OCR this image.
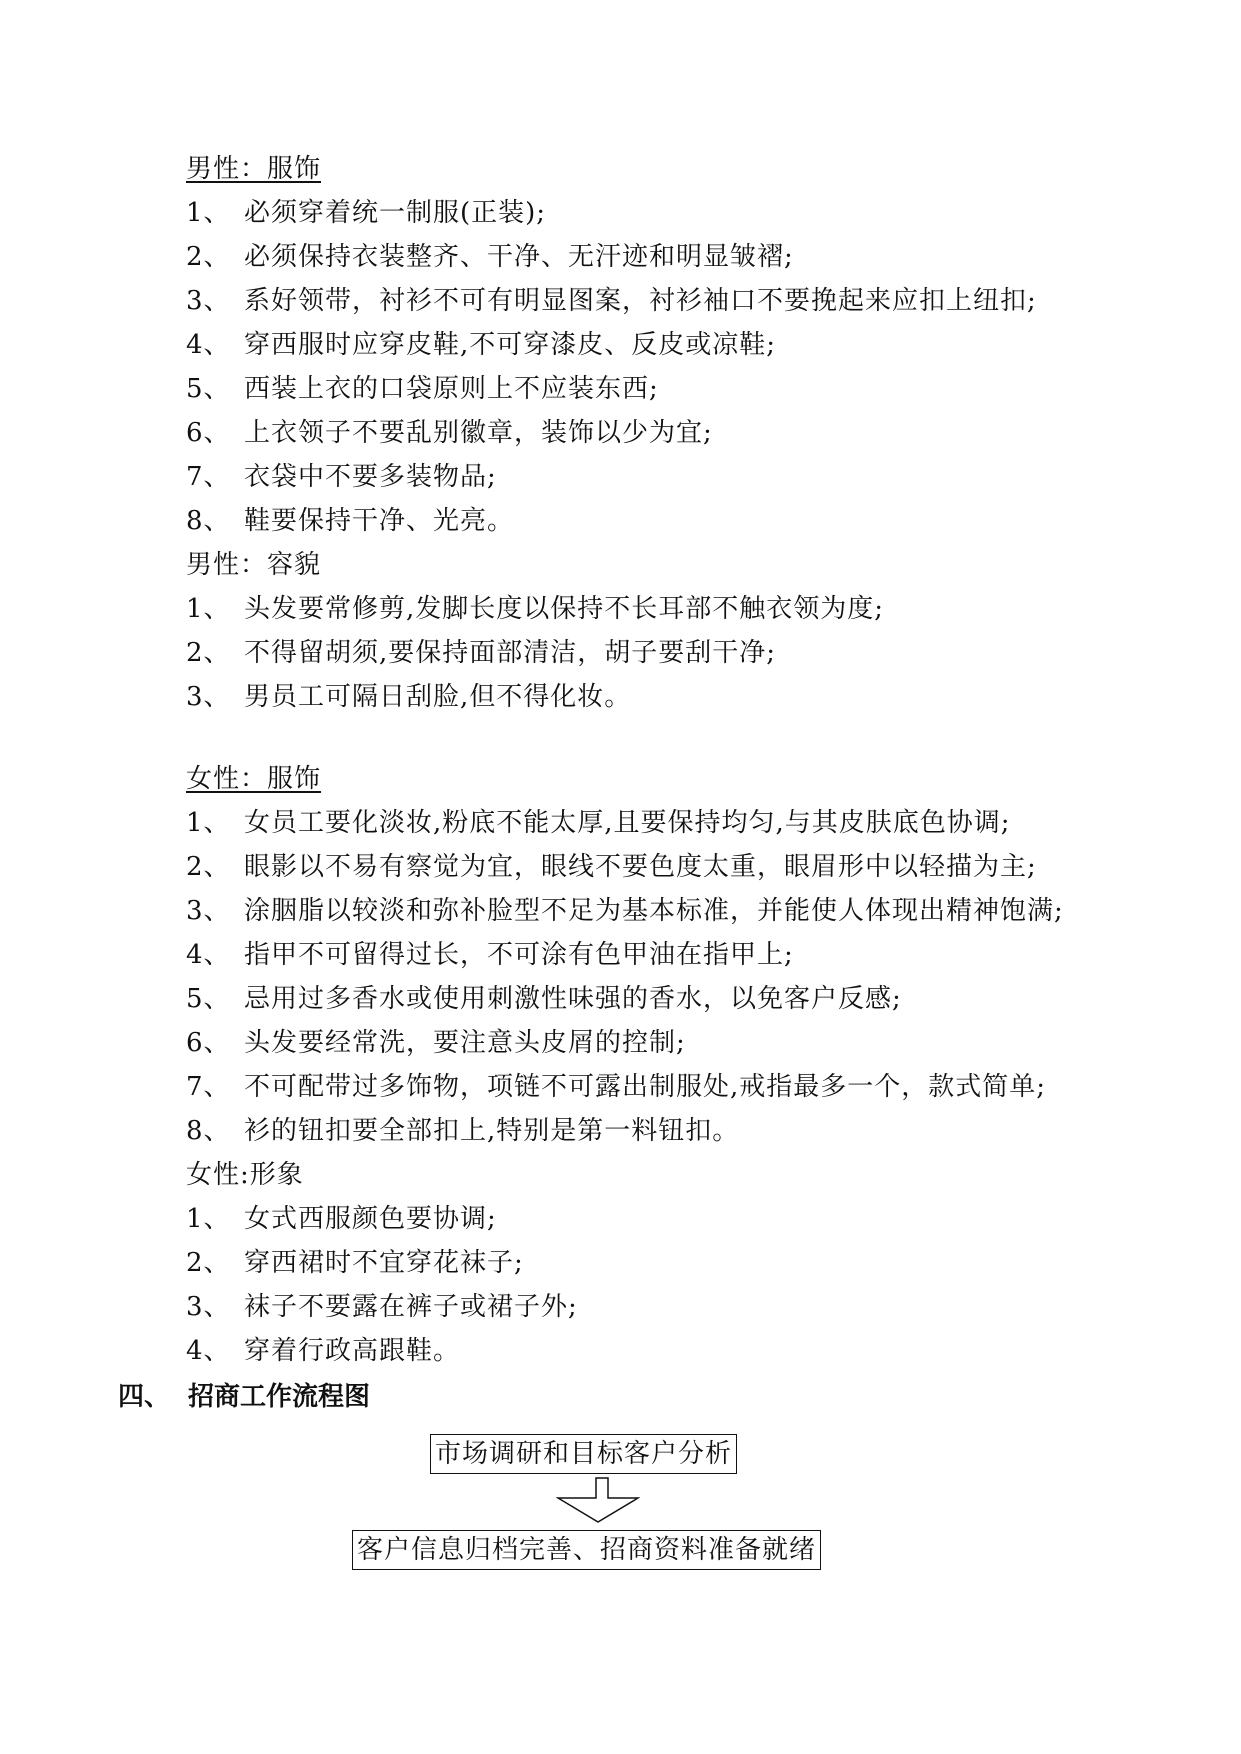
男性：服饰
1、 必须穿着统一制服(正装);
2、 必须保持衣装整齐、干净、无汗迹和明显皱褶;
3、 系好领带，衬衫不可有明显图案，衬衫袖口不要挽起来应扣上纽扣;
4、 穿西服时应穿皮鞋,不可穿漆皮、反皮或凉鞋;
5、 西装上衣的口袋原则上不应装东西;
6、 上衣领子不要乱别徽章，装饰以少为宜;
7、 衣袋中不要多装物品;
8、 鞋要保持干净、光亮。
男性：容貌
1、 头发要常修剪,发脚长度以保持不长耳部不触衣领为度;
2、 不得留胡须,要保持面部清洁，胡子要刮干净;
3、 男员工可隔日刮脸,但不得化妆。
女性：服饰
1、 女员工要化淡妆,粉底不能太厚,且要保持均匀,与其皮肤底色协调;
2、 眼影以不易有察觉为宜，眼线不要色度太重，眼眉形中以轻描为主;
3、 涂胭脂以较淡和弥补脸型不足为基本标准，并能使人体现出精神饱满;
4、 指甲不可留得过长，不可涂有色甲油在指甲上;
5、 忌用过多香水或使用刺激性味强的香水，以免客户反感;
6、 头发要经常洗，要注意头皮屑的控制;
7、 不可配带过多饰物，项链不可露出制服处,戒指最多一个，款式简单;
8、 衫的钮扣要全部扣上,特别是第一料钮扣。
女性:形象
1、 女式西服颜色要协调;
2、 穿西裙时不宜穿花袜子;
3、 袜子不要露在裤子或裙子外;
4、 穿着行政高跟鞋。
四、 招商工作流程图
市场调研和目标客户分析
客户信息归档完善、招商资料准备就绪
